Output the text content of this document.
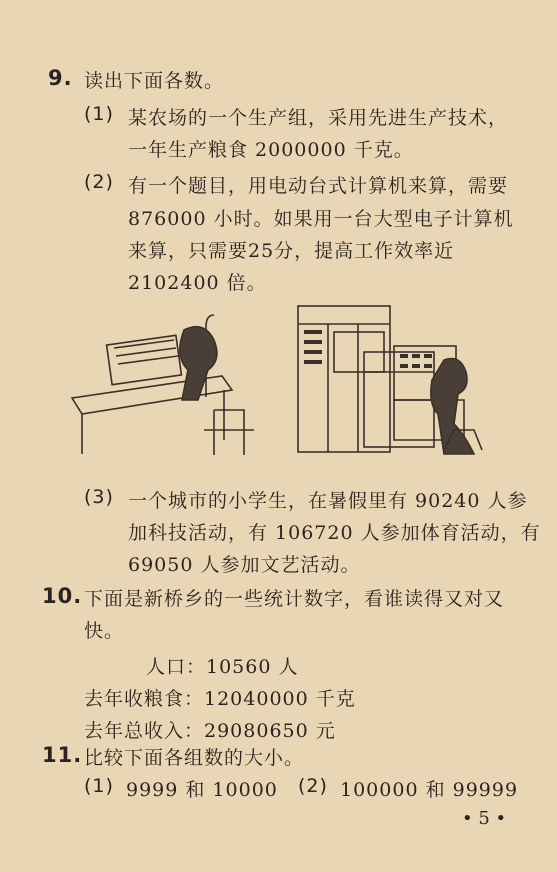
9. 读出下面各数。
(1) 某农场的一个生产组，采用先进生产技术，
一年生产粮食 2000000 千克。
(2) 有一个题目，用电动台式计算机来算，需要
876000 小时。如果用一台大型电子计算机
来算，只需要25分，提高工作效率近
2102400 倍。
(3) 一个城市的小学生，在暑假里有 90240 人参
加科技活动，有 106720 人参加体育活动，有
69050 人参加文艺活动。
10. 下面是新桥乡的一些统计数字，看谁读得又对又
快。
人口：10560 人
去年收粮食：12040000 千克
去年总收入：29080650 元
11. 比较下面各组数的大小。
(1) 9999 和 10000 (2) 100000 和 99999
• 5 •
